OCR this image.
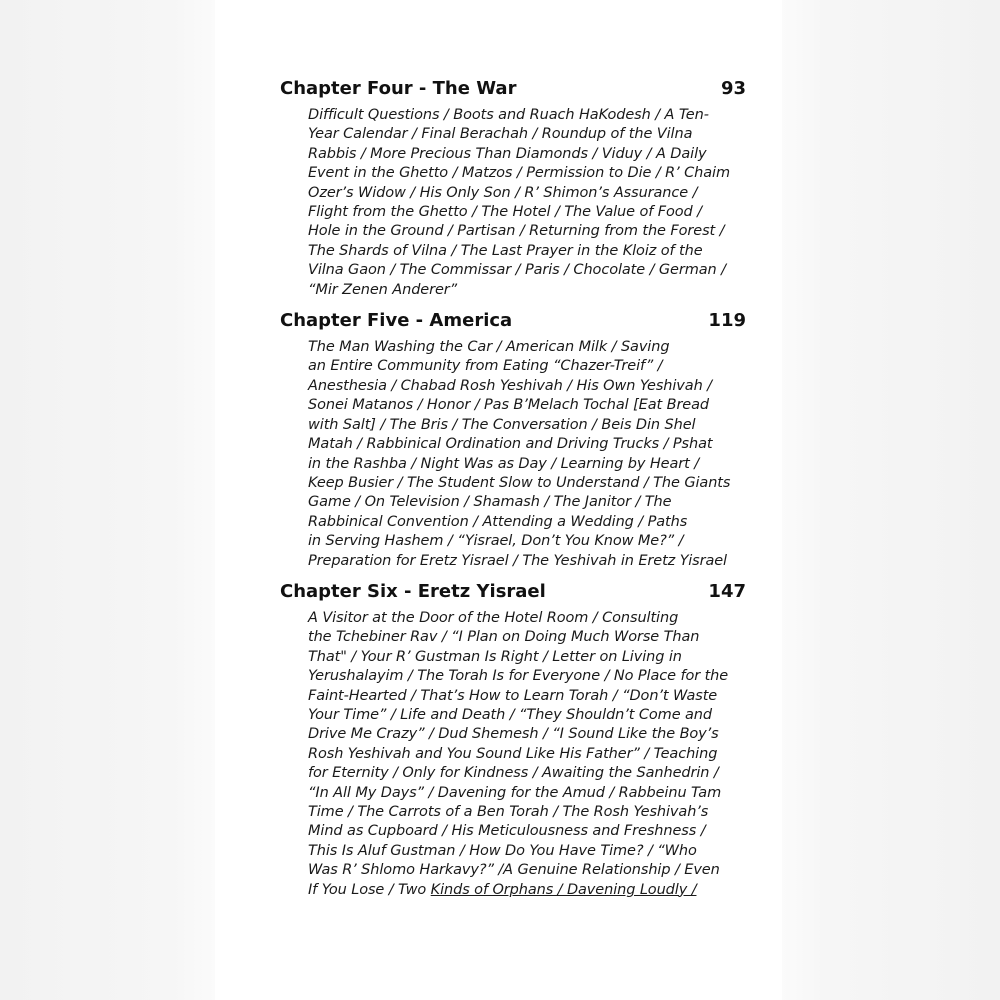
Chapter Four - The War	93
Difficult Questions / Boots and Ruach HaKodesh / A Ten-
Year Calendar / Final Berachah / Roundup of the Vilna
Rabbis / More Precious Than Diamonds / Viduy / A Daily
Event in the Ghetto / Matzos / Permission to Die / R’ Chaim
Ozer’s Widow / His Only Son / R’ Shimon’s Assurance /
Flight from the Ghetto / The Hotel / The Value of Food /
Hole in the Ground / Partisan / Returning from the Forest /
The Shards of Vilna / The Last Prayer in the Kloiz of the
Vilna Gaon / The Commissar / Paris / Chocolate / German /
“Mir Zenen Anderer”
Chapter Five - America	119
The Man Washing the Car / American Milk / Saving
an Entire Community from Eating “Chazer-Treif” /
Anesthesia / Chabad Rosh Yeshivah / His Own Yeshivah /
Sonei Matanos / Honor / Pas B’Melach Tochal [Eat Bread
with Salt] / The Bris / The Conversation / Beis Din Shel
Matah / Rabbinical Ordination and Driving Trucks / Pshat
in the Rashba / Night Was as Day / Learning by Heart /
Keep Busier / The Student Slow to Understand / The Giants
Game / On Television / Shamash / The Janitor / The
Rabbinical Convention / Attending a Wedding / Paths
in Serving Hashem / “Yisrael, Don’t You Know Me?” /
Preparation for Eretz Yisrael / The Yeshivah in Eretz Yisrael
Chapter Six - Eretz Yisrael	147
A Visitor at the Door of the Hotel Room / Consulting
the Tchebiner Rav / “I Plan on Doing Much Worse Than
That" / Your R’ Gustman Is Right / Letter on Living in
Yerushalayim / The Torah Is for Everyone / No Place for the
Faint-Hearted / That’s How to Learn Torah / “Don’t Waste
Your Time” / Life and Death / “They Shouldn’t Come and
Drive Me Crazy” / Dud Shemesh / “I Sound Like the Boy’s
Rosh Yeshivah and You Sound Like His Father” / Teaching
for Eternity / Only for Kindness / Awaiting the Sanhedrin /
“In All My Days” / Davening for the Amud / Rabbeinu Tam
Time / The Carrots of a Ben Torah / The Rosh Yeshivah’s
Mind as Cupboard / His Meticulousness and Freshness /
This Is Aluf Gustman / How Do You Have Time? / “Who
Was R’ Shlomo Harkavy?” /A Genuine Relationship / Even
If You Lose / Two Kinds of Orphans / Davening Loudly /
